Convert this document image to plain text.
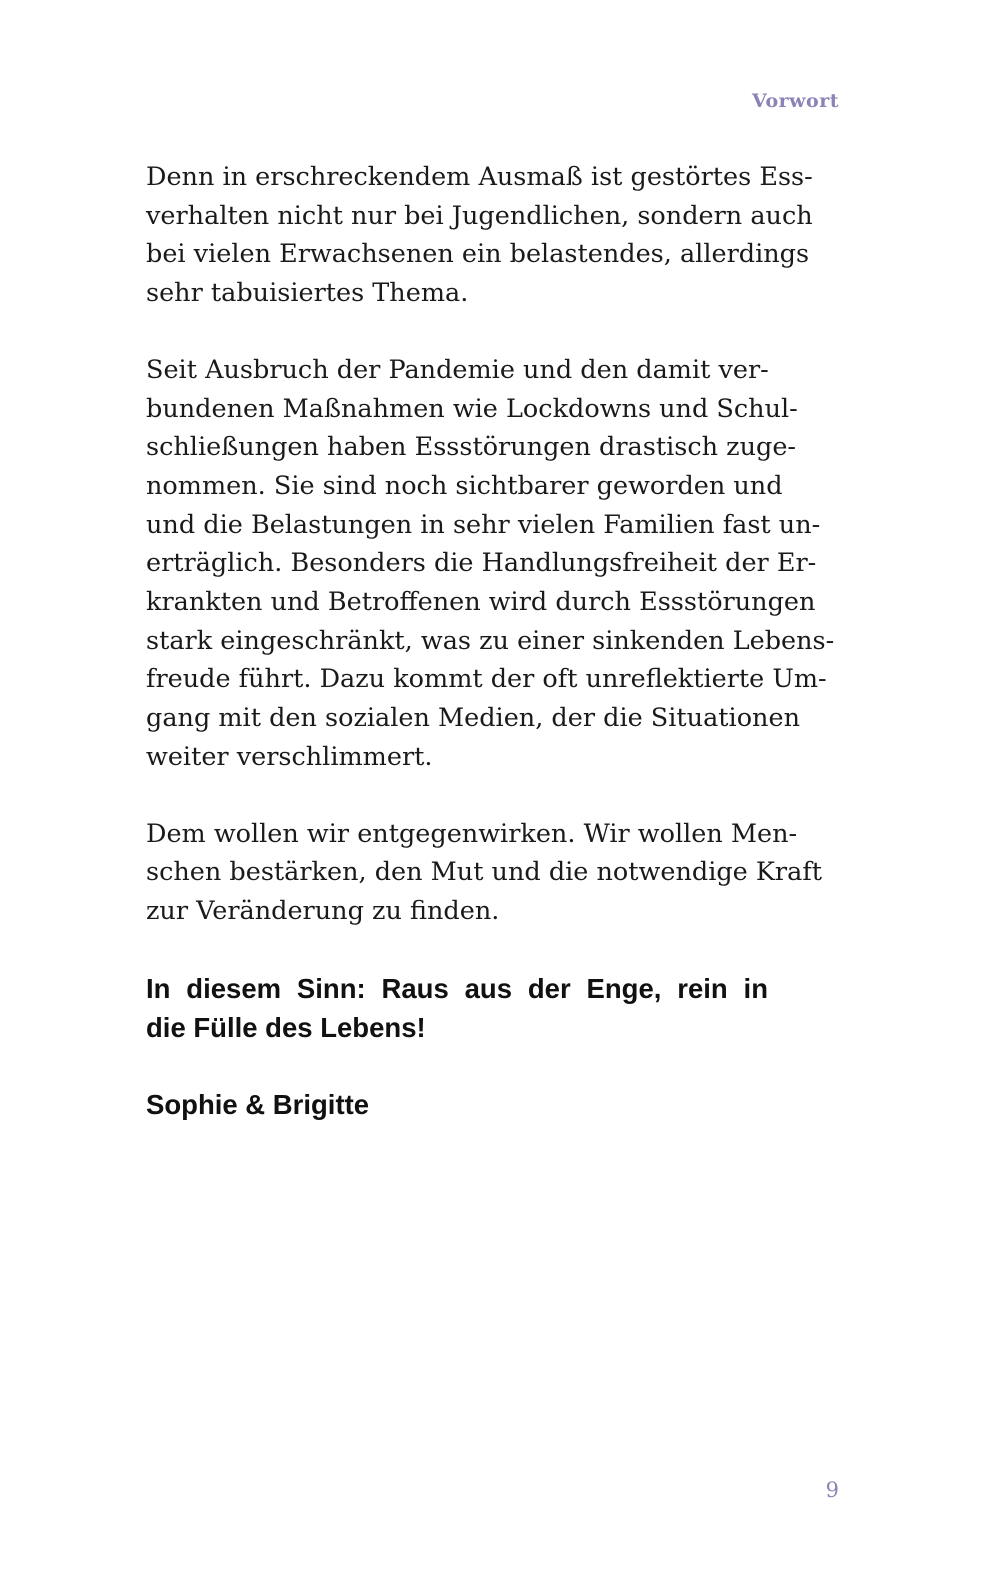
Vorwort

Denn in erschreckendem Ausmaß ist gestörtes Ess-
verhalten nicht nur bei Jugendlichen, sondern auch
bei vielen Erwachsenen ein belastendes, allerdings
sehr tabuisiertes Thema.

Seit Ausbruch der Pandemie und den damit ver-
bundenen Maßnahmen wie Lockdowns und Schul-
schließungen haben Essstörungen drastisch zuge-
nommen. Sie sind noch sichtbarer geworden und
und die Belastungen in sehr vielen Familien fast un-
erträglich. Besonders die Handlungsfreiheit der Er-
krankten und Betroffenen wird durch Essstörungen
stark eingeschränkt, was zu einer sinkenden Lebens-
freude führt. Dazu kommt der oft unreflektierte Um-
gang mit den sozialen Medien, der die Situationen
weiter verschlimmert.

Dem wollen wir entgegenwirken. Wir wollen Men-
schen bestärken, den Mut und die notwendige Kraft
zur Veränderung zu finden.

In diesem Sinn: Raus aus der Enge, rein in
die Fülle des Lebens!

Sophie & Brigitte

9
